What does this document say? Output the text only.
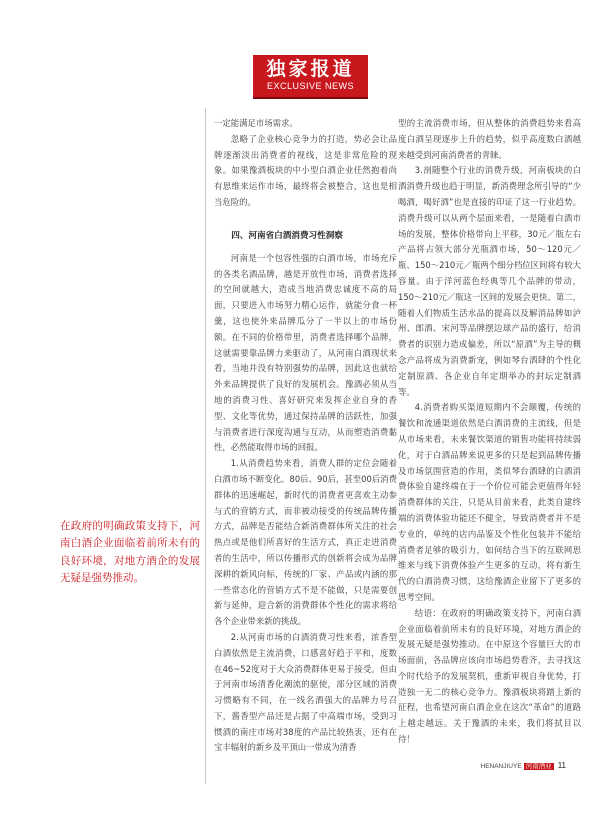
独家报道
EXCLUSIVE NEWS
在政府的明确政策支持下，河南白酒企业面临着前所未有的良好环境，对地方酒企的发展无疑是强势推动。

一定能满足市场需求。

忽略了企业核心竞争力的打造，势必会让品牌逐渐淡出消费者的视线，这是非常危险的现象。如果豫酒板块的中小型白酒企业任然抱着尚有思维来运作市场，最终将会被整合，这也是相当危险的。

四、河南省白酒消费习性洞察

河南是一个包容性强的白酒市场，市场充斥的各类名酒品牌，越是开放性市场，消费者选择的空间就越大，造成当地消费忠诚度不高的局面，只要进入市场努力精心运作，就能分食一杯羹，这也使外来品牌瓜分了一半以上的市场份额。在不同的价格带里，消费者选择哪个品牌，这就需要靠品牌力来驱动了，从河南白酒现状来看，当地并没有特别强势的品牌，因此这也就给外来品牌提供了良好的发展机会。豫酒必须从当地的消费习性、喜好研究来发挥企业自身的香型、文化等优势，通过保持品牌的活跃性，加强与消费者进行深度沟通与互动，从而塑造消费黏性，必然能取得市场的回报。

1.从消费趋势来看，消费人群的定位会随着白酒市场不断变化。80后、90后，甚至00后消费群体的迅速崛起，新时代的消费者更喜欢主动参与式的营销方式，而非被动接受的传统品牌传播方式，品牌是否能结合新消费群体所关注的社会热点或是他们所喜好的生活方式，真正走进消费者的生活中，所以传播形式的创新将会成为品牌深耕的新风向标，传统的厂家、产品或内涵的那一些常态化的营销方式不是不能做，只是需要创新与延伸，迎合新的消费群体个性化的需求将给各个企业带来新的挑战。

2.从河南市场的白酒消费习性来看，浓香型白酒依然是主流消费，口感喜好趋于平和，度数在46~52度对于大众消费群体更易于接受。但由于河南市场清香化潮流的驱使，部分区域的消费习惯略有不同，在一线名酒强大的品牌力号召下，酱香型产品还是占据了中高端市场，受到习惯酒的南庄市场对38度的产品比较热衷，还有在宝丰辐射的新乡及平顶山一带成为清香

型的主流消费市场，但从整体的消费趋势来看高度白酒呈现逐步上升的趋势，似乎高度数白酒越来越受到河南消费者的青睐。

3.剖随整个行业的消费升级，河南板块的白酒消费升级也趋于明显，新消费理念所引导的“少喝酒，喝好酒”也是直接的印证了这一行业趋势。消费升级可以从两个层面来看，一是随着白酒市场的发展，整体价格带向上平移，30元／瓶左右产品将占领大部分光瓶酒市场，50～120元／瓶、150～210元／瓶两个细分档位区间将有较大容量。由于洋河蓝色经典等几个品牌的带动，150～210元／瓶这一区间的发展会更快。第二，随着人们物质生活水品的提高以及解消品牌如泸州、郎酒、宋河等品牌摆边球产品的盛行，给消费者的识别力造成偏差，所以“原酒”为主导的概念产品将成为消费新宠，例如琴台酒肆的个性化定制原酒、各企业自年定期举办的封坛定制酒等。

4.消费者购买渠道短期内不会颠覆，传统的餐饮和流通渠道依然是白酒消费的主流线，但是从市场来看，未来餐饮渠道的销售功能将持续弱化，对于白酒品牌来说更多的只是起到品牌传播及市场氛围营造的作用，类似琴台酒肆的白酒消费体验自建终端在于一个价位可能会更值得年轻消费群体的关注，只是从目前来看，此类自建终端的消费体验功能还不健全，导致消费者并不是专业的，单纯的店内品鉴及个性化包装并不能给消费者足够的吸引力，如何结合当下的互联网思维来与线下消费体验产生更多的互动，将有新生代的白酒消费习惯，这给豫酒企业留下了更多的思考空间。

结语：在政府的明确政策支持下，河南白酒企业面临着前所未有的良好环境，对地方酒企的发展无疑是强势推动。在中原这个容量巨大的市场面前，各品牌应该向市场趋势看齐，去寻找这个时代给予的发展契机，重新审视自身优势，打造独一无二的核心竞争力。豫酒板块将踏上新的征程，也希望河南白酒企业在这次“革命”的道路上越走越远。关于豫酒的未来，我们将拭目以待！

HENANJIUYE 河南酒业 11
